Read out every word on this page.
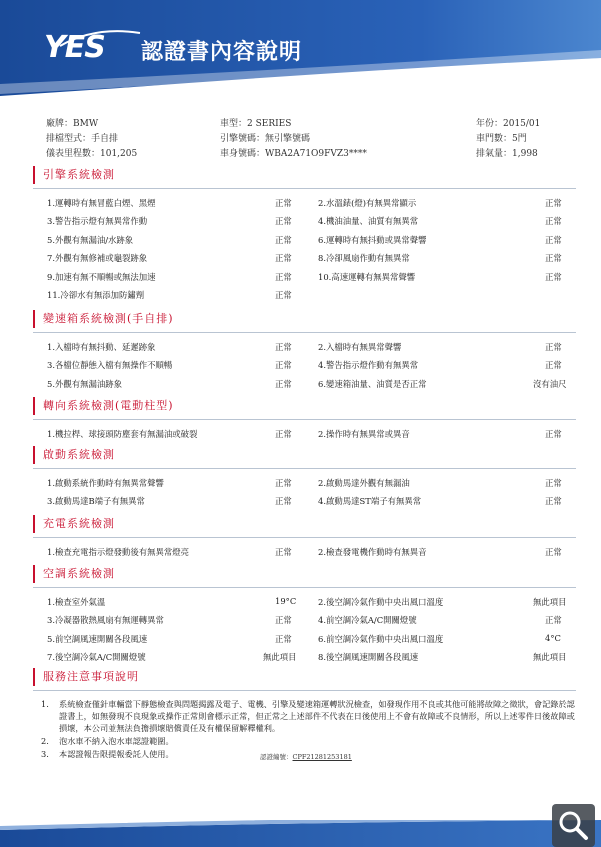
YES 認證書內容說明
廠牌：BMW	車型：2 SERIES	年份：2015/01
排檔型式：手自排	引擎號碼：無引擎號碼	車門數：5門
儀表里程數：101,205	車身號碼：WBA2A71O9FVZ3****	排氣量：1,998
引擎系統檢測
1.運轉時有無冒藍白煙、黑煙	正常	2.水溫錶(燈)有無異常顯示	正常
3.警告指示燈有無異常作動	正常	4.機油油量、油質有無異常	正常
5.外觀有無漏油/水跡象	正常	6.運轉時有無抖動或異常聲響	正常
7.外觀有無修補或龜裂跡象	正常	8.冷卻風扇作動有無異常	正常
9.加速有無不順暢或無法加速	正常	10.高速運轉有無異常聲響	正常
11.冷卻水有無添加防鏽劑	正常
變速箱系統檢測(手自排)
1.入檔時有無抖動、延遲跡象	正常	2.入檔時有無異常聲響	正常
3.各檔位靜態入檔有無操作不順暢	正常	4.警告指示燈作動有無異常	正常
5.外觀有無漏油跡象	正常	6.變速箱油量、油質是否正常	沒有油尺
轉向系統檢測(電動柱型)
1.機拉桿、球接頭防塵套有無漏油或破裂	正常	2.操作時有無異常或異音	正常
啟動系統檢測
1.啟動系統作動時有無異常聲響	正常	2.啟動馬達外觀有無漏油	正常
3.啟動馬達B端子有無異常	正常	4.啟動馬達ST端子有無異常	正常
充電系統檢測
1.檢查充電指示燈發動後有無異常燈亮	正常	2.檢查發電機作動時有無異音	正常
空調系統檢測
1.檢查室外氣溫	19°C	2.後空調冷氣作動中央出風口溫度	無此項目
3.冷凝器散熱風扇有無運轉異常	正常	4.前空調冷氣A/C開關燈號	正常
5.前空調風速開關各段風速	正常	6.前空調冷氣作動中央出風口溫度	4°C
7.後空調冷氣A/C開關燈號	無此項目	8.後空調風速開關各段風速	無此項目
服務注意事項說明
1. 系統檢查僅針車輛當下靜態檢查與問題揭露及電子、電機、引擎及變速箱運轉狀況檢查，如發現作用不良或其他可能將故障之徵狀，會記錄於認證書上，如無發現不良現象或操作正常則會標示正常，但正常之上述部件不代表在日後使用上不會有故障或不良情形，所以上述零件日後故障或損壞，本公司並無法負擔損壞賠償責任及有權保留解釋權利。
2. 泡水車不納入泡水車認證範圍。
3. 本認證報告限提報委託人使用。	認證編號：CPF21281253181
